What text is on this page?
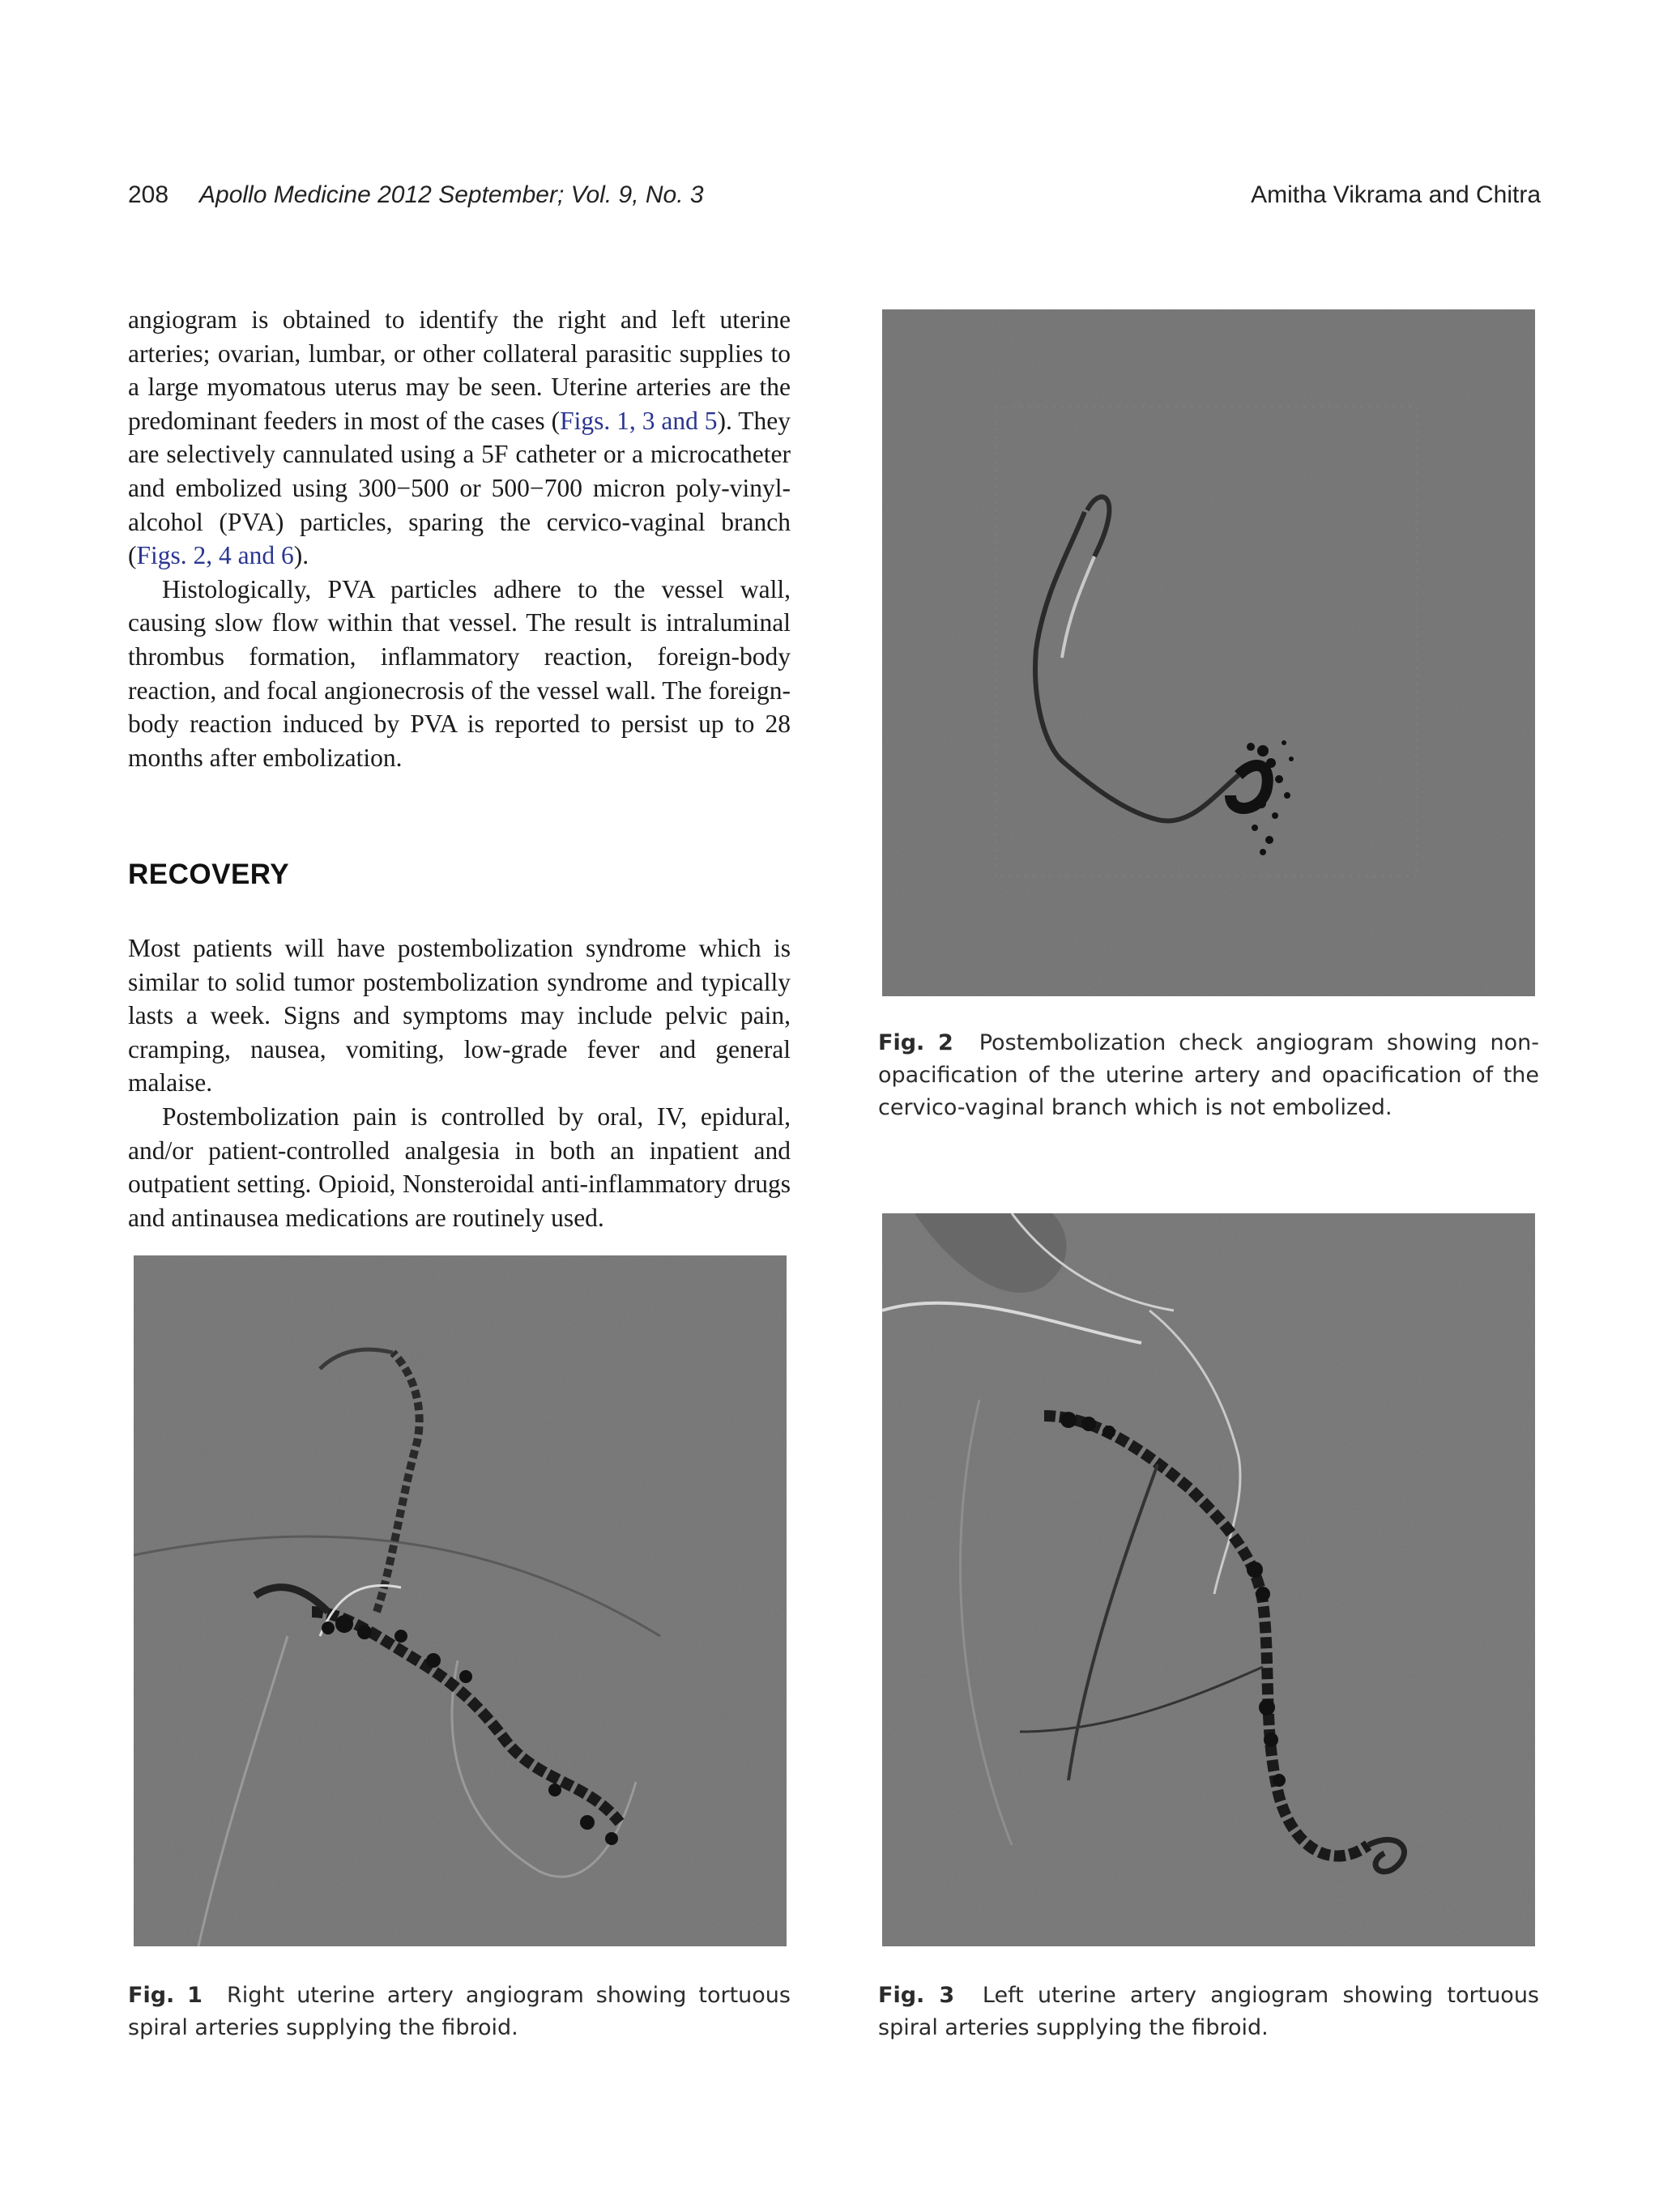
208 Apollo Medicine 2012 September; Vol. 9, No. 3	Amitha Vikrama and Chitra

angiogram is obtained to identify the right and left uterine arteries; ovarian, lumbar, or other collateral parasitic supplies to a large myomatous uterus may be seen. Uterine arteries are the predominant feeders in most of the cases (Figs. 1, 3 and 5). They are selectively cannulated using a 5F catheter or a microcatheter and embolized using 300−500 or 500−700 micron poly-vinyl-alcohol (PVA) particles, sparing the cervico-vaginal branch (Figs. 2, 4 and 6).

Histologically, PVA particles adhere to the vessel wall, causing slow flow within that vessel. The result is intraluminal thrombus formation, inflammatory reaction, foreign-body reaction, and focal angionecrosis of the vessel wall. The foreign-body reaction induced by PVA is reported to persist up to 28 months after embolization.

RECOVERY

Most patients will have postembolization syndrome which is similar to solid tumor postembolization syndrome and typically lasts a week. Signs and symptoms may include pelvic pain, cramping, nausea, vomiting, low-grade fever and general malaise.

Postembolization pain is controlled by oral, IV, epidural, and/or patient-controlled analgesia in both an inpatient and outpatient setting. Opioid, Nonsteroidal anti-inflammatory drugs and antinausea medications are routinely used.

Fig. 2 Postembolization check angiogram showing non-opacification of the uterine artery and opacification of the cervico-vaginal branch which is not embolized.
Fig. 1 Right uterine artery angiogram showing tortuous spiral arteries supplying the fibroid.
Fig. 3 Left uterine artery angiogram showing tortuous spiral arteries supplying the fibroid.
